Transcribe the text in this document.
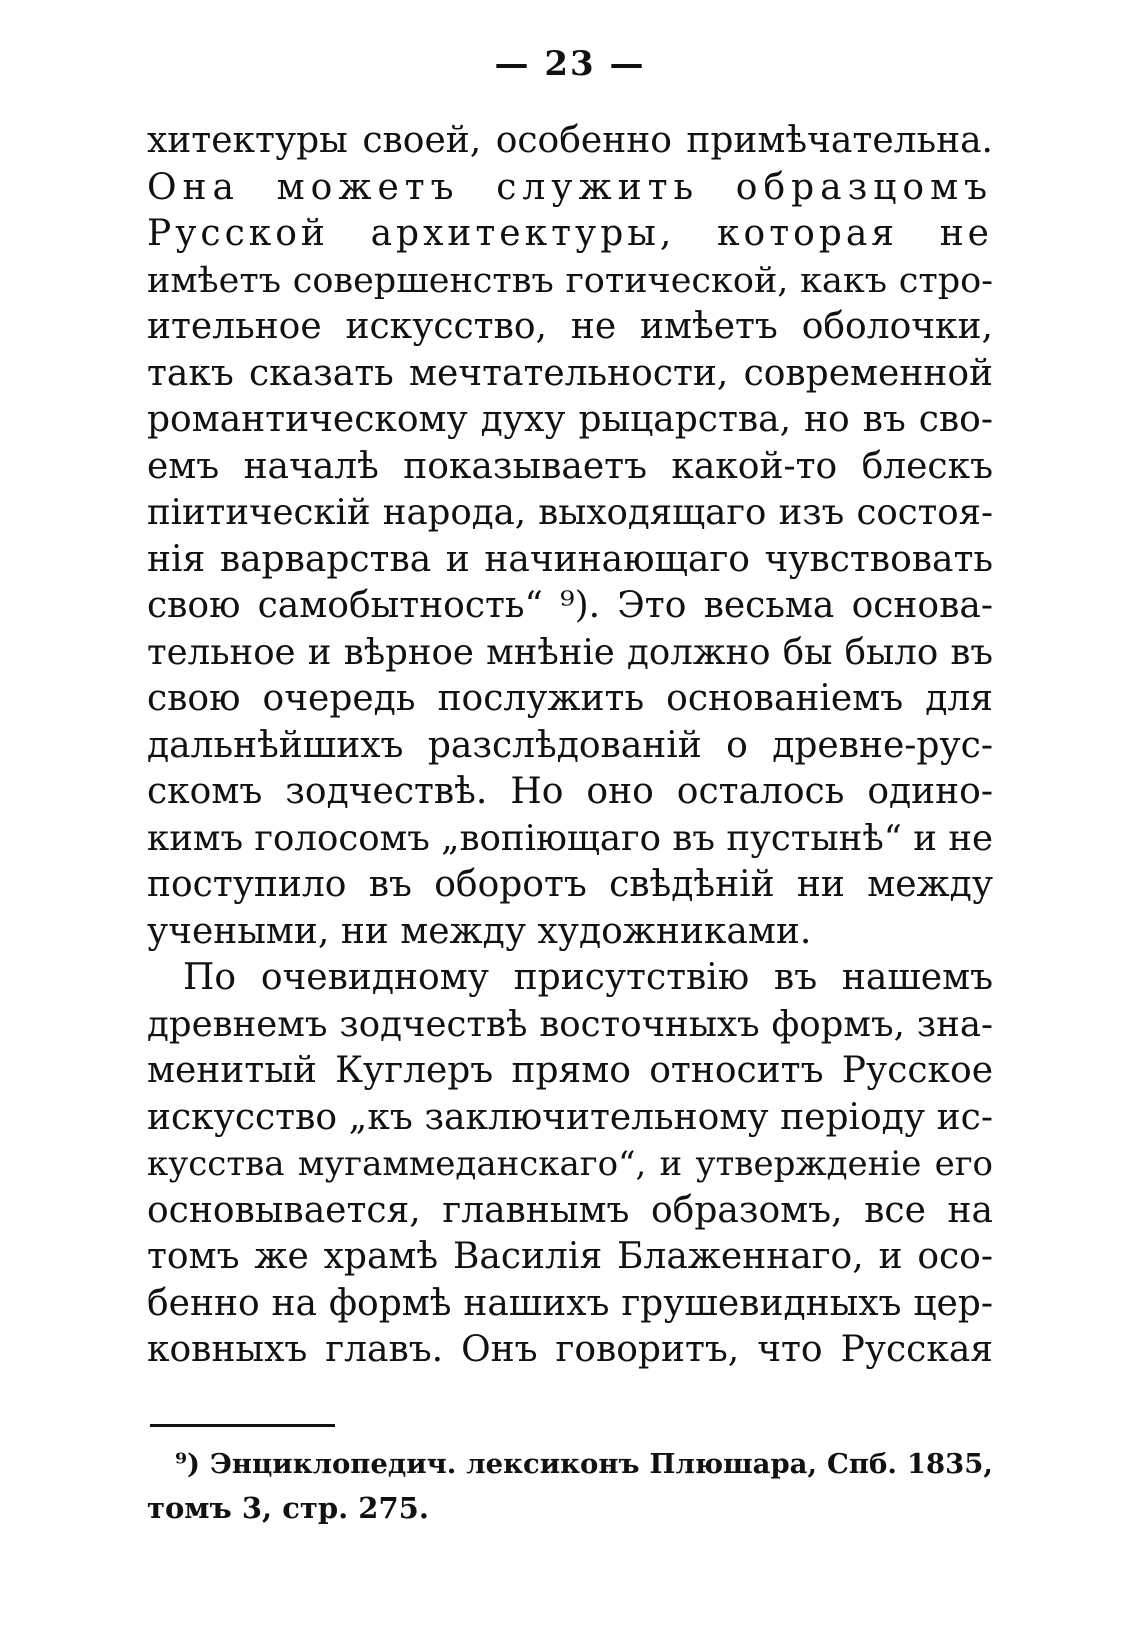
— 23 —
хитектуры своей, особенно примѣчательна.
Она можетъ служить образцомъ
Русской архитектуры, которая не
имѣетъ совершенствъ готической, какъ стро-
ительное искусство, не имѣетъ оболочки,
такъ сказать мечтательности, современной
романтическому духу рыцарства, но въ сво-
емъ началѣ показываетъ какой-то блескъ
піитическій народа, выходящаго изъ состоя-
нія варварства и начинающаго чувствовать
свою самобытность“ ⁹). Это весьма основа-
тельное и вѣрное мнѣніе должно бы было въ
свою очередь послужить основаніемъ для
дальнѣйшихъ разслѣдованій о древне-рус-
скомъ зодчествѣ. Но оно осталось одино-
кимъ голосомъ „вопіющаго въ пустынѣ“ и не
поступило въ оборотъ свѣдѣній ни между
учеными, ни между художниками.
По очевидному присутствію въ нашемъ
древнемъ зодчествѣ восточныхъ формъ, зна-
менитый Куглеръ прямо относитъ Русское
искусство „къ заключительному періоду ис-
кусства мугаммеданскаго“, и утвержденіе его
основывается, главнымъ образомъ, все на
томъ же храмѣ Василія Блаженнаго, и осо-
бенно на формѣ нашихъ грушевидныхъ цер-
ковныхъ главъ. Онъ говоритъ, что Русская
⁹) Энциклопедич. лексиконъ Плюшара, Спб. 1835,
томъ 3, стр. 275.
